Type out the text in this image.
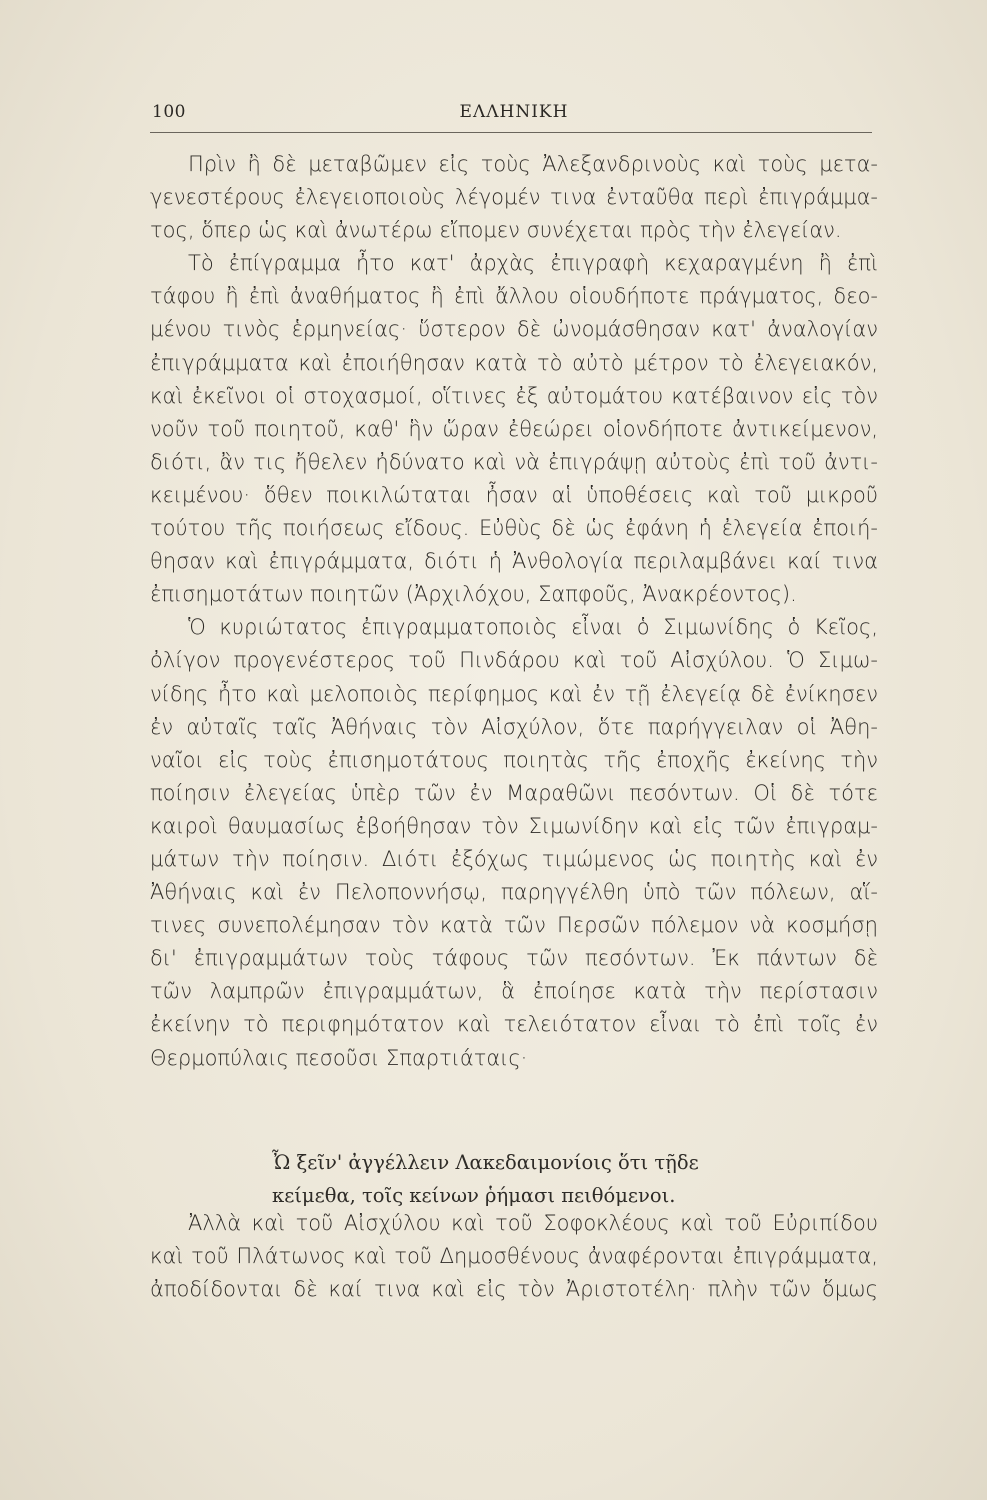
100	ΕΛΛΗΝΙΚΗ
Πρὶν ἢ δὲ μεταβῶμεν εἰς τοὺς Ἀλεξανδρινοὺς καὶ τοὺς μετα-
γενεστέρους ἐλεγειοποιοὺς λέγομέν τινα ἐνταῦθα περὶ ἐπιγράμμα-
τος, ὅπερ ὡς καὶ ἀνωτέρω εἴπομεν συνέχεται πρὸς τὴν ἐλεγείαν.
Τὸ ἐπίγραμμα ἦτο κατ' ἀρχὰς ἐπιγραφὴ κεχαραγμένη ἢ ἐπὶ
τάφου ἢ ἐπὶ ἀναθήματος ἢ ἐπὶ ἄλλου οἱουδήποτε πράγματος, δεο-
μένου τινὸς ἑρμηνείας· ὕστερον δὲ ὠνομάσθησαν κατ' ἀναλογίαν
ἐπιγράμματα καὶ ἐποιήθησαν κατὰ τὸ αὐτὸ μέτρον τὸ ἐλεγειακόν,
καὶ ἐκεῖνοι οἱ στοχασμοί, οἵτινες ἐξ αὐτομάτου κατέβαινον εἰς τὸν
νοῦν τοῦ ποιητοῦ, καθ' ἣν ὥραν ἐθεώρει οἱονδήποτε ἀντικείμενον,
διότι, ἂν τις ἤθελεν ἠδύνατο καὶ νὰ ἐπιγράψῃ αὐτοὺς ἐπὶ τοῦ ἀντι-
κειμένου· ὅθεν ποικιλώταται ἦσαν αἱ ὑποθέσεις καὶ τοῦ μικροῦ
τούτου τῆς ποιήσεως εἴδους. Εὐθὺς δὲ ὡς ἐφάνη ἡ ἐλεγεία ἐποιή-
θησαν καὶ ἐπιγράμματα, διότι ἡ Ἀνθολογία περιλαμβάνει καί τινα
ἐπισημοτάτων ποιητῶν (Ἀρχιλόχου, Σαπφοῦς, Ἀνακρέοντος).
Ὁ κυριώτατος ἐπιγραμματοποιὸς εἶναι ὁ Σιμωνίδης ὁ Κεῖος,
ὀλίγον προγενέστερος τοῦ Πινδάρου καὶ τοῦ Αἰσχύλου. Ὁ Σιμω-
νίδης ἦτο καὶ μελοποιὸς περίφημος καὶ ἐν τῇ ἐλεγείᾳ δὲ ἐνίκησεν
ἐν αὐταῖς ταῖς Ἀθήναις τὸν Αἰσχύλον, ὅτε παρήγγειλαν οἱ Ἀθη-
ναῖοι εἰς τοὺς ἐπισημοτάτους ποιητὰς τῆς ἐποχῆς ἐκείνης τὴν
ποίησιν ἐλεγείας ὑπὲρ τῶν ἐν Μαραθῶνι πεσόντων. Οἱ δὲ τότε
καιροὶ θαυμασίως ἐβοήθησαν τὸν Σιμωνίδην καὶ εἰς τῶν ἐπιγραμ-
μάτων τὴν ποίησιν. Διότι ἐξόχως τιμώμενος ὡς ποιητὴς καὶ ἐν
Ἀθήναις καὶ ἐν Πελοποννήσῳ, παρηγγέλθη ὑπὸ τῶν πόλεων, αἵ-
τινες συνεπολέμησαν τὸν κατὰ τῶν Περσῶν πόλεμον νὰ κοσμήσῃ
δι' ἐπιγραμμάτων τοὺς τάφους τῶν πεσόντων. Ἐκ πάντων δὲ
τῶν λαμπρῶν ἐπιγραμμάτων, ἃ ἐποίησε κατὰ τὴν περίστασιν
ἐκείνην τὸ περιφημότατον καὶ τελειότατον εἶναι τὸ ἐπὶ τοῖς ἐν
Θερμοπύλαις πεσοῦσι Σπαρτιάταις·
Ὦ ξεῖν' ἀγγέλλειν Λακεδαιμονίοις ὅτι τῇδε
κείμεθα, τοῖς κείνων ῥήμασι πειθόμενοι.
Ἀλλὰ καὶ τοῦ Αἰσχύλου καὶ τοῦ Σοφοκλέους καὶ τοῦ Εὐριπίδου
καὶ τοῦ Πλάτωνος καὶ τοῦ Δημοσθένους ἀναφέρονται ἐπιγράμματα,
ἀποδίδονται δὲ καί τινα καὶ εἰς τὸν Ἀριστοτέλη· πλὴν τῶν ὅμως
